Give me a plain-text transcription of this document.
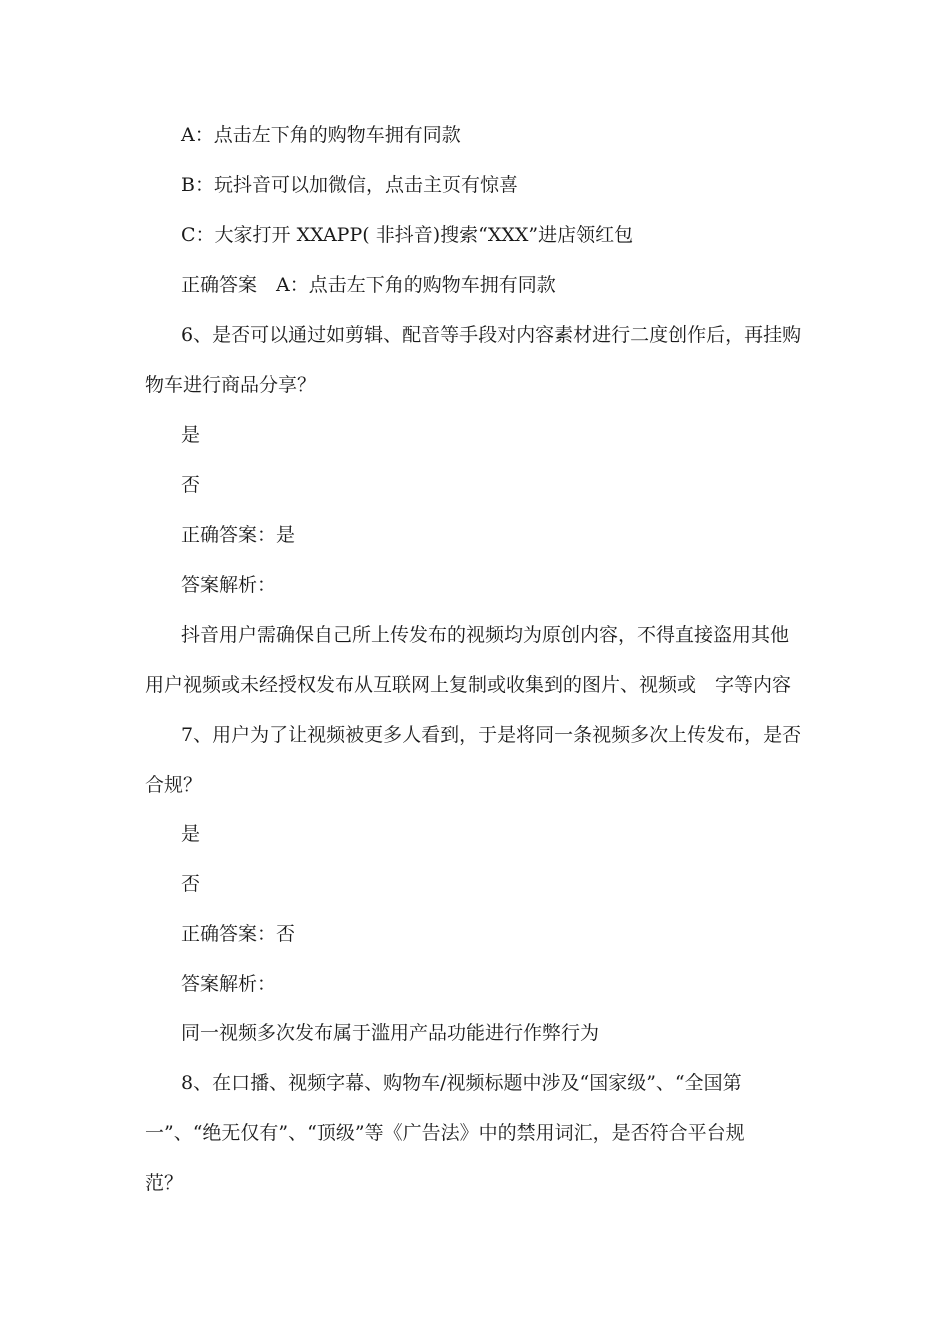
A：点击左下角的购物车拥有同款
B：玩抖音可以加微信，点击主页有惊喜
C：大家打开 XXAPP( 非抖音)搜索“XXX”进店领红包
正确答案　A：点击左下角的购物车拥有同款
6、是否可以通过如剪辑、配音等手段对内容素材进行二度创作后，再挂购
物车进行商品分享？
是
否
正确答案：是
答案解析：
抖音用户需确保自己所上传发布的视频均为原创内容，不得直接盗用其他
用户视频或未经授权发布从互联网上复制或收集到的图片、视频或　字等内容
7、用户为了让视频被更多人看到，于是将同一条视频多次上传发布，是否
合规？
是
否
正确答案：否
答案解析：
同一视频多次发布属于滥用产品功能进行作弊行为
8、在口播、视频字幕、购物车/视频标题中涉及“国家级”、“全国第
一”、“绝无仅有”、“顶级”等《广告法》中的禁用词汇，是否符合平台规
范？
